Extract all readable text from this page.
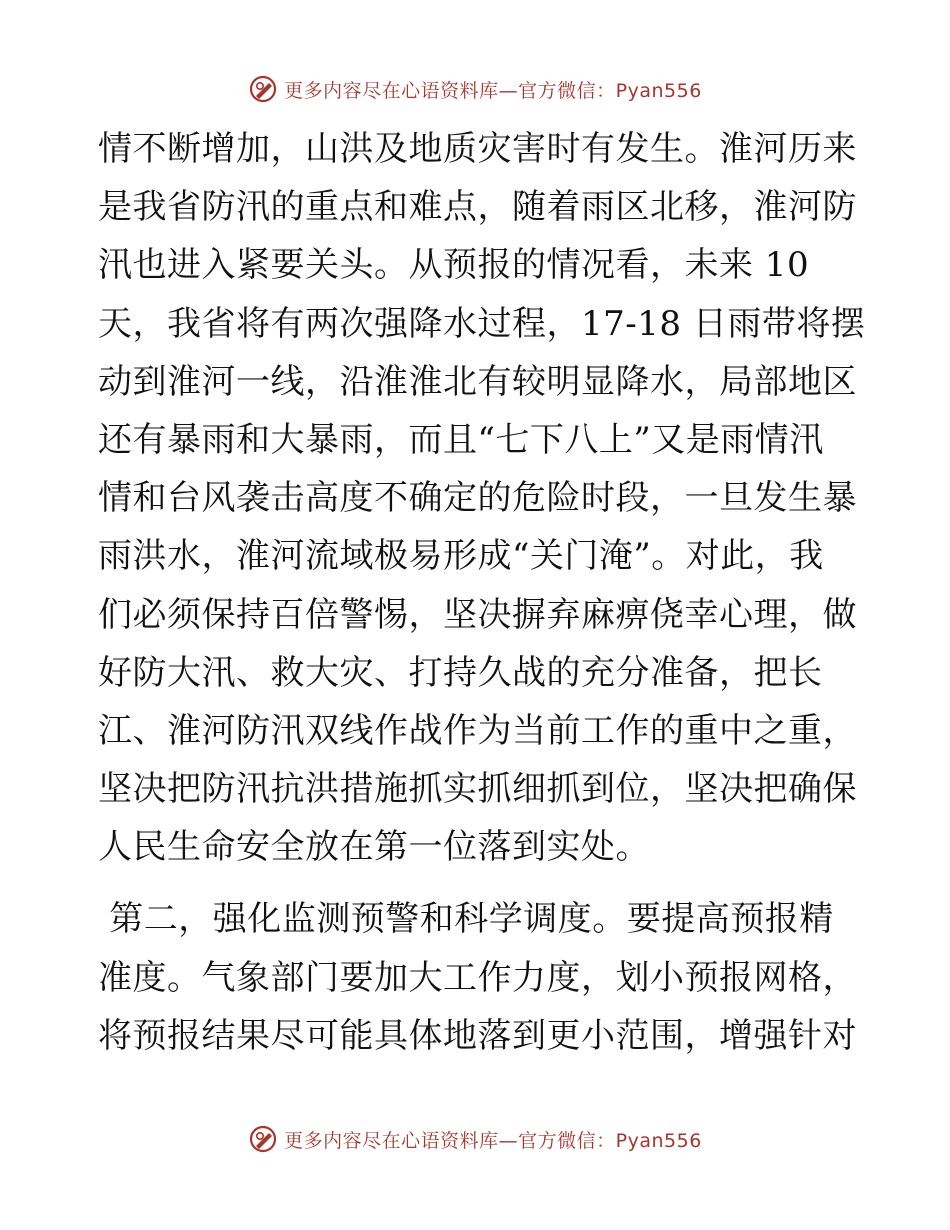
更多内容尽在心语资料库—官方微信：Pyan556
情不断增加，山洪及地质灾害时有发生。淮河历来
是我省防汛的重点和难点，随着雨区北移，淮河防
汛也进入紧要关头。从预报的情况看，未来 10
天，我省将有两次强降水过程，17-18 日雨带将摆
动到淮河一线，沿淮淮北有较明显降水，局部地区
还有暴雨和大暴雨，而且“七下八上”又是雨情汛
情和台风袭击高度不确定的危险时段，一旦发生暴
雨洪水，淮河流域极易形成“关门淹”。对此，我
们必须保持百倍警惕，坚决摒弃麻痹侥幸心理，做
好防大汛、救大灾、打持久战的充分准备，把长
江、淮河防汛双线作战作为当前工作的重中之重，
坚决把防汛抗洪措施抓实抓细抓到位，坚决把确保
人民生命安全放在第一位落到实处。
第二，强化监测预警和科学调度。要提高预报精
准度。气象部门要加大工作力度，划小预报网格，
将预报结果尽可能具体地落到更小范围，增强针对
更多内容尽在心语资料库—官方微信：Pyan556
